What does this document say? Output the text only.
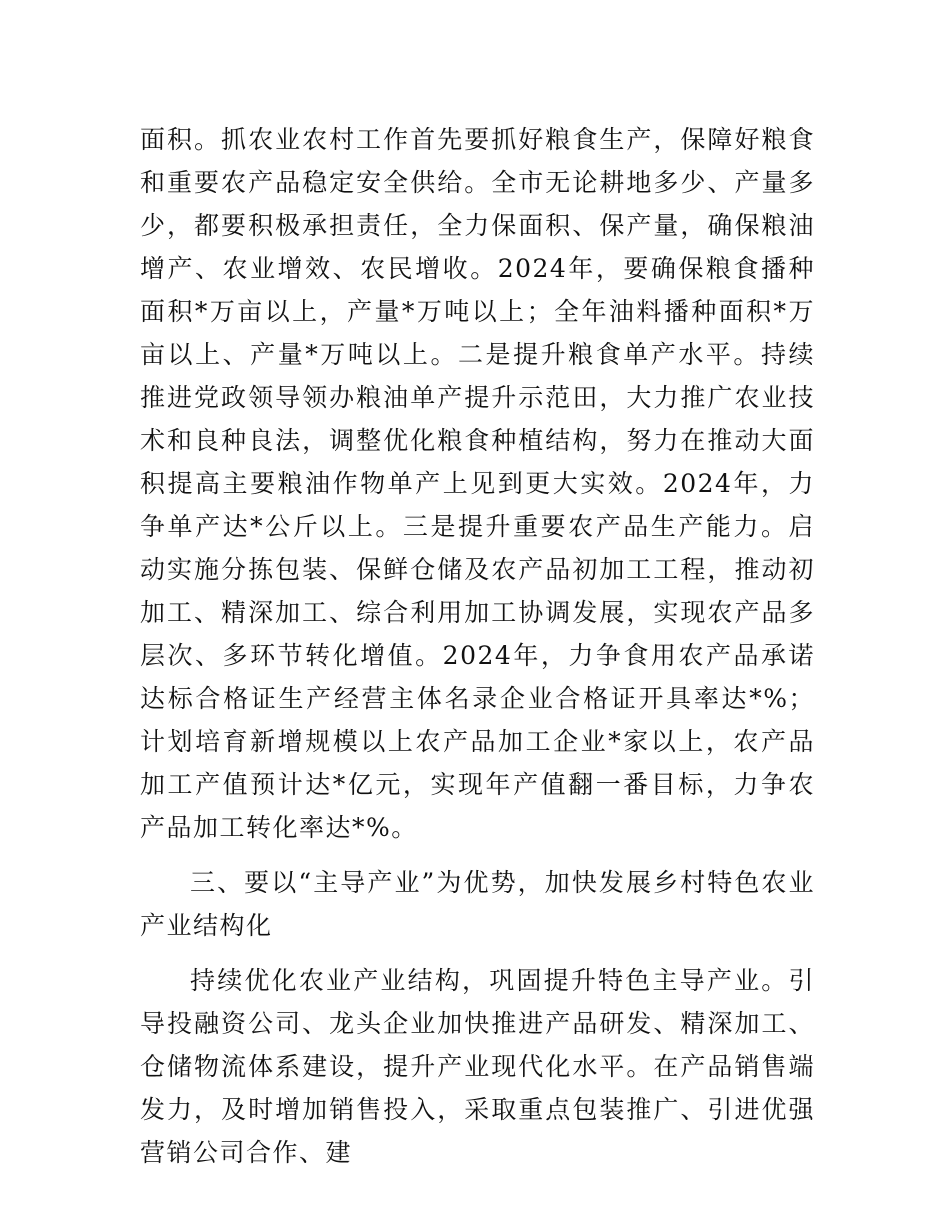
面积。抓农业农村工作首先要抓好粮食生产，保障好粮食和重要农产品稳定安全供给。全市无论耕地多少、产量多少，都要积极承担责任，全力保面积、保产量，确保粮油增产、农业增效、农民增收。2024年，要确保粮食播种面积*万亩以上，产量*万吨以上；全年油料播种面积*万亩以上、产量*万吨以上。二是提升粮食单产水平。持续推进党政领导领办粮油单产提升示范田，大力推广农业技术和良种良法，调整优化粮食种植结构，努力在推动大面积提高主要粮油作物单产上见到更大实效。2024年，力争单产达*公斤以上。三是提升重要农产品生产能力。启动实施分拣包装、保鲜仓储及农产品初加工工程，推动初加工、精深加工、综合利用加工协调发展，实现农产品多层次、多环节转化增值。2024年，力争食用农产品承诺达标合格证生产经营主体名录企业合格证开具率达*%；计划培育新增规模以上农产品加工企业*家以上，农产品加工产值预计达*亿元，实现年产值翻一番目标，力争农产品加工转化率达*%。

三、要以“主导产业”为优势，加快发展乡村特色农业产业结构化

持续优化农业产业结构，巩固提升特色主导产业。引导投融资公司、龙头企业加快推进产品研发、精深加工、仓储物流体系建设，提升产业现代化水平。在产品销售端发力，及时增加销售投入，采取重点包装推广、引进优强营销公司合作、建
